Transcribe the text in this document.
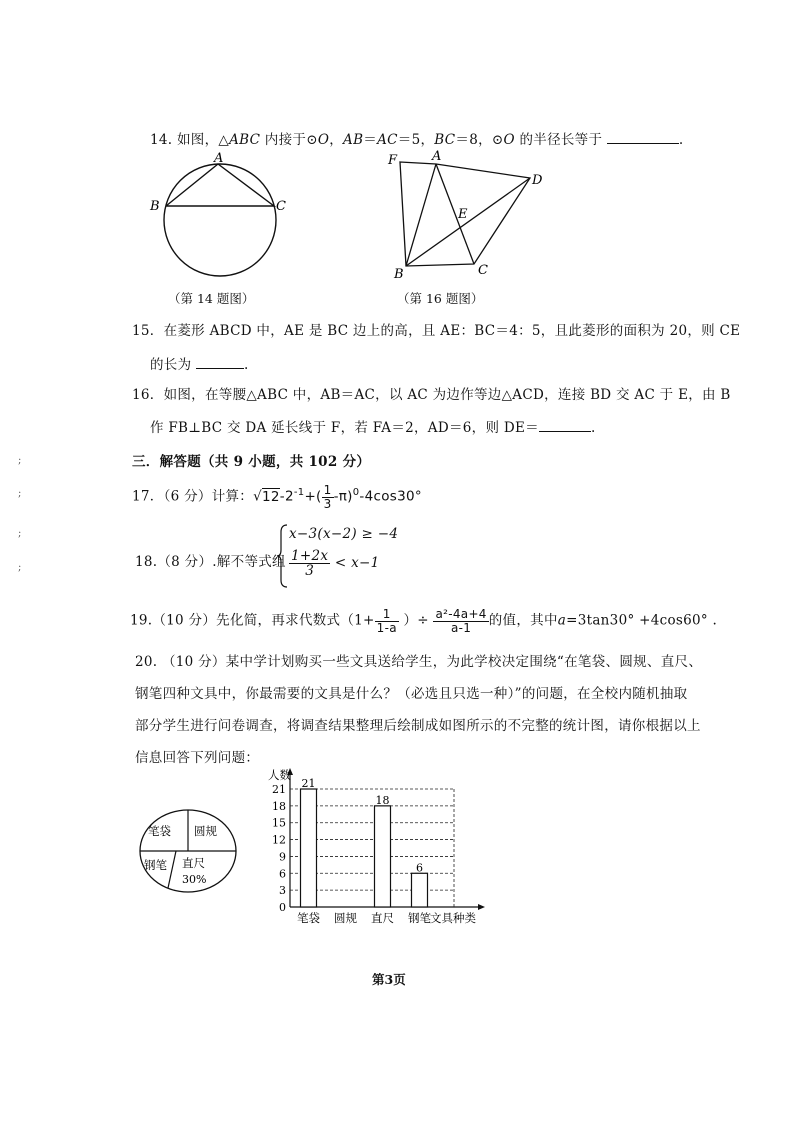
14. 如图，△ABC 内接于⊙O，AB＝AC＝5，BC＝8，⊙O 的半径长等于	.
A
B	C
（第 14 题图）
F	A
D
E
B	C
（第 16 题图）
15．在菱形 ABCD 中，AE 是 BC 边上的高，且 AE：BC＝4：5，且此菱形的面积为 20，则 CE
的长为	.
16．如图，在等腰△ABC 中，AB＝AC，以 AC 为边作等边△ACD，连接 BD 交 AC 于 E，由 B
作 FB⊥BC 交 DA 延长线于 F，若 FA＝2，AD＝6，则 DE＝	.
三．解答题（共 9 小题，共 102 分）
17．（6 分）计算：$√12-2^{-1}+( \frac{1}{3} -\pi)^0-4\cos 30^\circ$
18.（8 分）.解不等式组
x−3(x−2) ≥ −4
$\frac{1+2x}{3} < x-1$
19.（10 分）先化简，再求代数式（$1+ \frac{1}{1-a}$ ）÷ $\frac{\text{a²-4a+4}}{a-1}$ 的值，其中a=3tan30° +4cos60° .
20. （10 分）某中学计划购买一些文具送给学生，为此学校决定围绕“在笔袋、圆规、直尺、
钢笔四种文具中，你最需要的文具是什么？（必选且只选一种）”的问题，在全校内随机抽取
部分学生进行问卷调查，将调查结果整理后绘制成如图所示的不完整的统计图，请你根据以上
信息回答下列问题：
笔袋 圆规
钢笔 直尺
30%
0
3
6
9
12
15
18
21
人数
21
笔袋 圆规
18
直尺
6
钢笔 文具种类
第3页
;
;
;
;
